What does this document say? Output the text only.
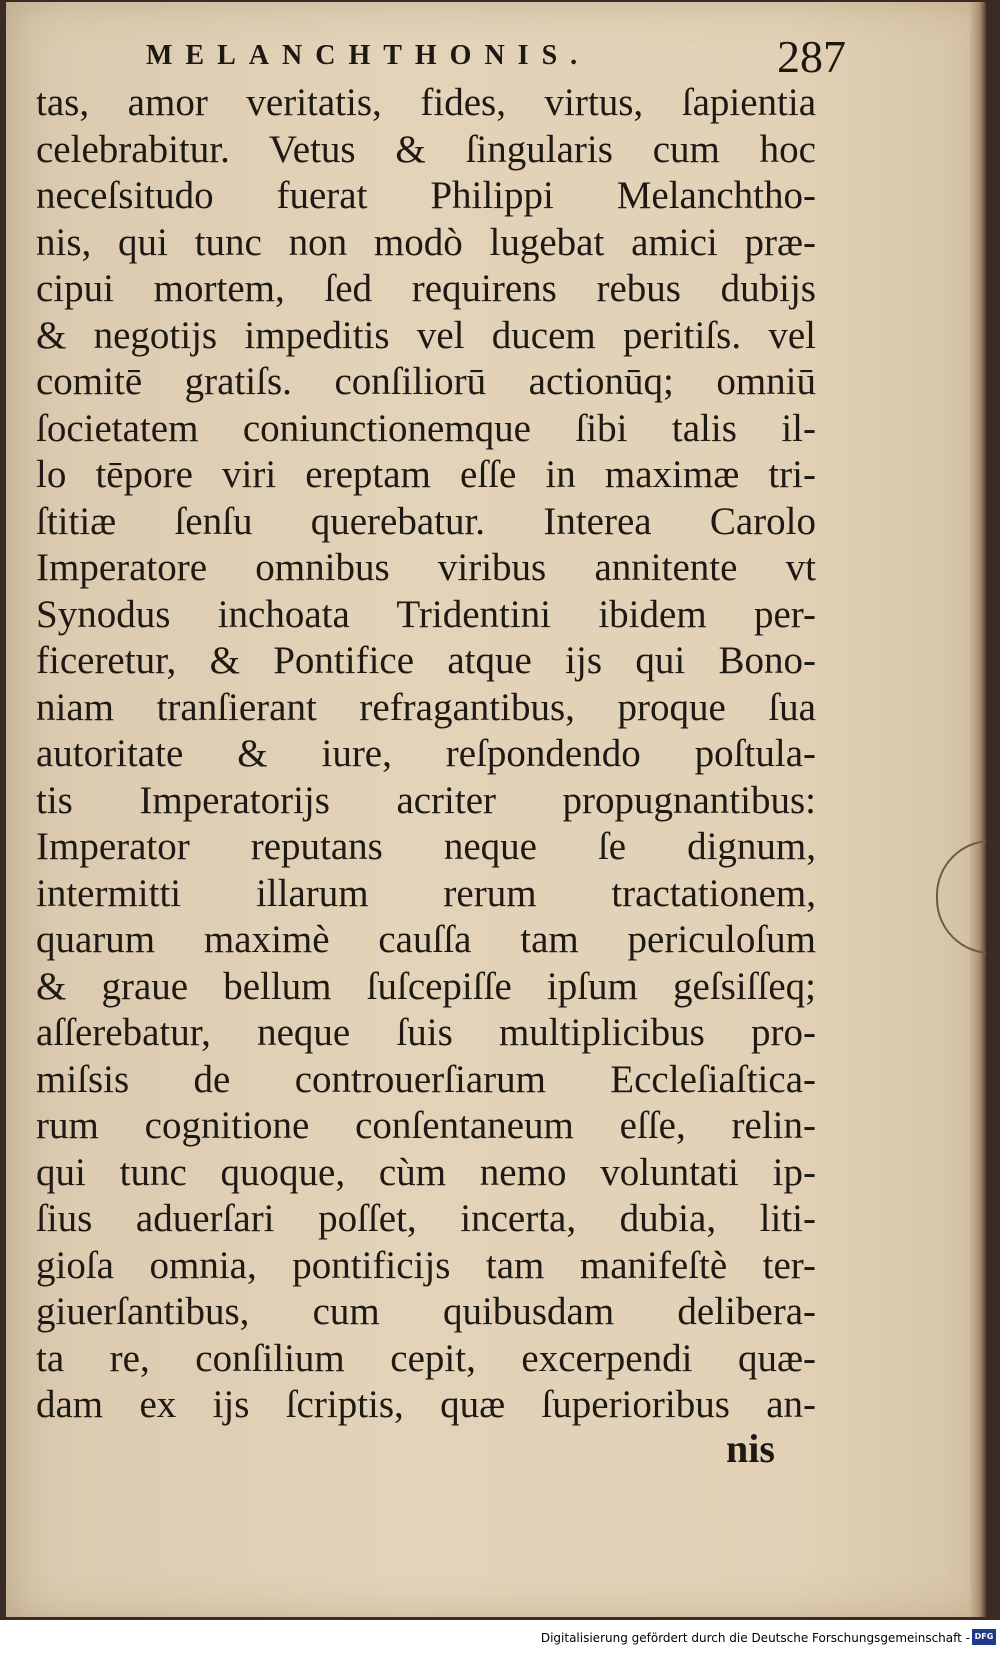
MELANCHTHONIS.	287
tas, amor veritatis, fides, virtus, ſapientia
celebrabitur. Vetus & ſingularis cum hoc
neceſsitudo fuerat Philippi Melanchtho-
nis, qui tunc non modò lugebat amici præ-
cipui mortem, ſed requirens rebus dubijs
& negotijs impeditis vel ducem peritiſs. vel
comitē gratiſs. conſiliorū actionūq; omniū
ſocietatem coniunctionemque ſibi talis il-
lo tēpore viri ereptam eſſe in maximæ tri-
ſtitiæ ſenſu querebatur. Interea Carolo
Imperatore omnibus viribus annitente vt
Synodus inchoata Tridentini ibidem per-
ficeretur, & Pontifice atque ijs qui Bono-
niam tranſierant refragantibus, proque ſua
autoritate & iure, reſpondendo poſtula-
tis Imperatorijs acriter propugnantibus:
Imperator reputans neque ſe dignum,
intermitti illarum rerum tractationem,
quarum maximè cauſſa tam periculoſum
& graue bellum ſuſcepiſſe ipſum geſsiſſeq;
aſſerebatur, neque ſuis multiplicibus pro-
miſsis de controuerſiarum Eccleſiaſtica-
rum cognitione conſentaneum eſſe, relin-
qui tunc quoque, cùm nemo voluntati ip-
ſius aduerſari poſſet, incerta, dubia, liti-
gioſa omnia, pontificijs tam manifeſtè ter-
giuerſantibus, cum quibusdam delibera-
ta re, conſilium cepit, excerpendi quæ-
dam ex ijs ſcriptis, quæ ſuperioribus an-
nis
Digitalisierung gefördert durch die Deutsche Forschungsgemeinschaft - DFG
